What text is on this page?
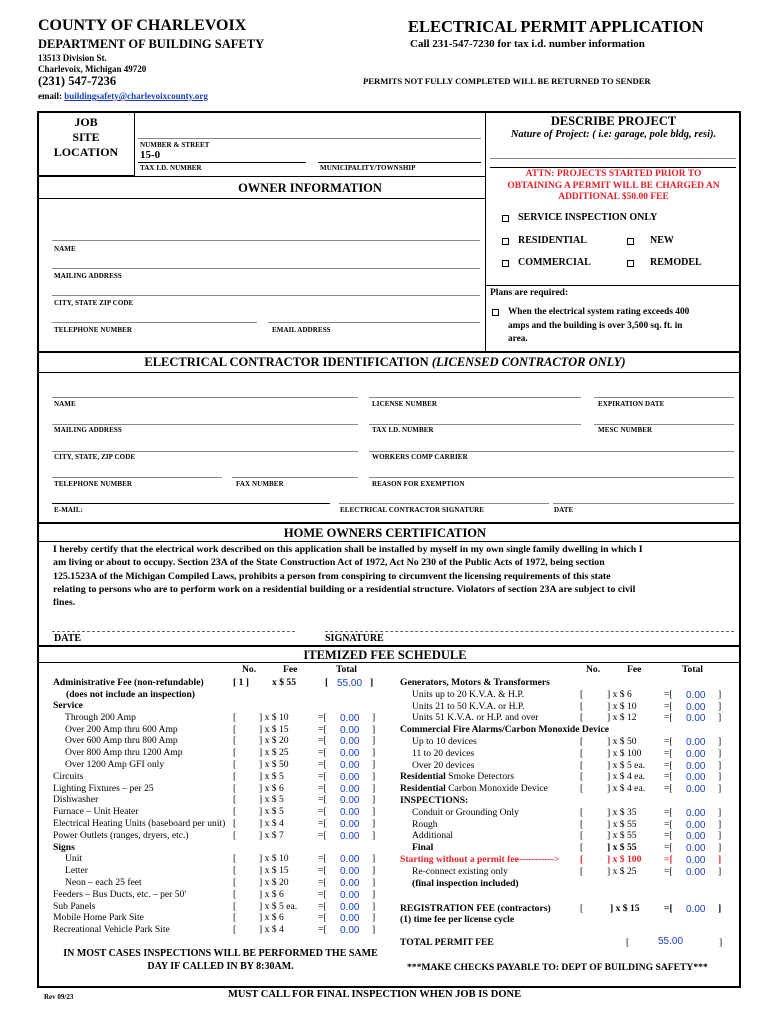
COUNTY OF CHARLEVOIX
DEPARTMENT OF BUILDING SAFETY
13513 Division St.
Charlevoix, Michigan 49720
(231) 547-7236
email: buildingsafety@charlevoixcounty.org
ELECTRICAL PERMIT APPLICATION
Call 231-547-7230 for tax i.d. number information
PERMITS NOT FULLY COMPLETED WILL BE RETURNED TO SENDER
JOB
SITE
LOCATION	NUMBER & STREET
15-0
TAX I.D. NUMBER	MUNICIPALITY/TOWNSHIP
OWNER INFORMATION
NAME
MAILING ADDRESS
CITY, STATE ZIP CODE
TELEPHONE NUMBER	EMAIL ADDRESS
DESCRIBE PROJECT
Nature of Project: ( i.e: garage, pole bldg, resi).
ATTN: PROJECTS STARTED PRIOR TO
OBTAINING A PERMIT WILL BE CHARGED AN
ADDITIONAL $50.00 FEE
SERVICE INSPECTION ONLY
RESIDENTIAL	NEW
COMMERCIAL	REMODEL
Plans are required:
When the electrical system rating exceeds 400
amps and the building is over 3,500 sq. ft. in
area.
ELECTRICAL CONTRACTOR IDENTIFICATION (LICENSED CONTRACTOR ONLY)
NAME	LICENSE NUMBER	EXPIRATION DATE
MAILING ADDRESS	TAX I.D. NUMBER	MESC NUMBER
CITY, STATE, ZIP CODE	WORKERS COMP CARRIER
TELEPHONE NUMBER	FAX NUMBER	REASON FOR EXEMPTION
E-MAIL:	ELECTRICAL CONTRACTOR SIGNATURE	DATE
HOME OWNERS CERTIFICATION
I hereby certify that the electrical work described on this application shall be installed by myself in my own single family dwelling in which I
am living or about to occupy. Section 23A of the State Construction Act of 1972, Act No 230 of the Public Acts of 1972, being section
125.1523A of the Michigan Compiled Laws, prohibits a person from conspiring to circumvent the licensing requirements of this state
relating to persons who are to perform work on a residential building or a residential structure. Violators of section 23A are subject to civil
fines.
DATE	SIGNATURE
ITEMIZED FEE SCHEDULE
No.	Fee	Total	No.	Fee	Total
Administrative Fee (non-refundable)
(does not include an inspection)
[ 1 ] x $ 55	[ 55.00 ]
Service
Through 200 Amp	[ ] x $ 10	=[ 0.00 ]
Over 200 Amp thru 600 Amp	[ ] x $ 15	=[ 0.00 ]
Over 600 Amp thru 800 Amp	[ ] x $ 20	=[ 0.00 ]
Over 800 Amp thru 1200 Amp	[ ] x $ 25	=[ 0.00 ]
Over 1200 Amp GFI only	[ ] x $ 50	=[ 0.00 ]
Circuits	[ ] x $ 5	=[ 0.00 ]
Lighting Fixtures – per 25	[ ] x $ 6	=[ 0.00 ]
Dishwasher	[ ] x $ 5	=[ 0.00 ]
Furnace – Unit Heater	[ ] x $ 5	=[ 0.00 ]
Electrical Heating Units (baseboard per unit) [ ] x $ 4	=[ 0.00 ]
Power Outlets (ranges, dryers, etc.)	[ ] x $ 7	=[ 0.00 ]
Signs
Unit	[ ] x $ 10	=[ 0.00 ]
Letter	[ ] x $ 15	=[ 0.00 ]
Neon – each 25 feet	[ ] x $ 20	=[ 0.00 ]
Feeders – Bus Ducts, etc. – per 50'	[ ] x $ 6	=[ 0.00 ]
Sub Panels	[ ] x $ 5 ea. =[ 0.00 ]
Mobile Home Park Site	[ ] x $ 6	=[ 0.00 ]
Recreational Vehicle Park Site	[ ] x $ 4	=[ 0.00 ]
Generators, Motors & Transformers
Units up to 20 K.V.A. & H.P.	[ ] x $ 6	=[ 0.00 ]
Units 21 to 50 K.V.A. or H.P.	[ ] x $ 10	=[ 0.00 ]
Units 51 K.V.A. or H.P. and over	[ ] x $ 12	=[ 0.00 ]
Commercial Fire Alarms/Carbon Monoxide Device
Up to 10 devices	[ ] x $ 50	=[ 0.00 ]
11 to 20 devices	[ ] x $ 100 =[ 0.00 ]
Over 20 devices	[ ] x $ 5 ea. =[ 0.00 ]
Residential Smoke Detectors	[ ] x $ 4 ea. =[ 0.00 ]
Residential Carbon Monoxide Device	[ ] x $ 4 ea. =[ 0.00 ]
INSPECTIONS:
Conduit or Grounding Only	[ ] x $ 35	=[ 0.00 ]
Rough	[ ] x $ 55	=[ 0.00 ]
Additional	[ ] x $ 55	=[ 0.00 ]
Final	[ ] x $ 55	=[ 0.00 ]
Starting without a permit fee-----------> [ ] x $ 100 =[ 0.00 ]
Re-connect existing only	[ ] x $ 25	=[ 0.00 ]
(final inspection included)
REGISTRATION FEE (contractors)
(1) time fee per license cycle
[	] x $ 15	=[ 0.00 ]
TOTAL PERMIT FEE	[	55.00	]
***MAKE CHECKS PAYABLE TO: DEPT OF BUILDING SAFETY***
IN MOST CASES INSPECTIONS WILL BE PERFORMED THE SAME
DAY IF CALLED IN BY 8:30AM.
Rev 09/23	MUST CALL FOR FINAL INSPECTION WHEN JOB IS DONE
